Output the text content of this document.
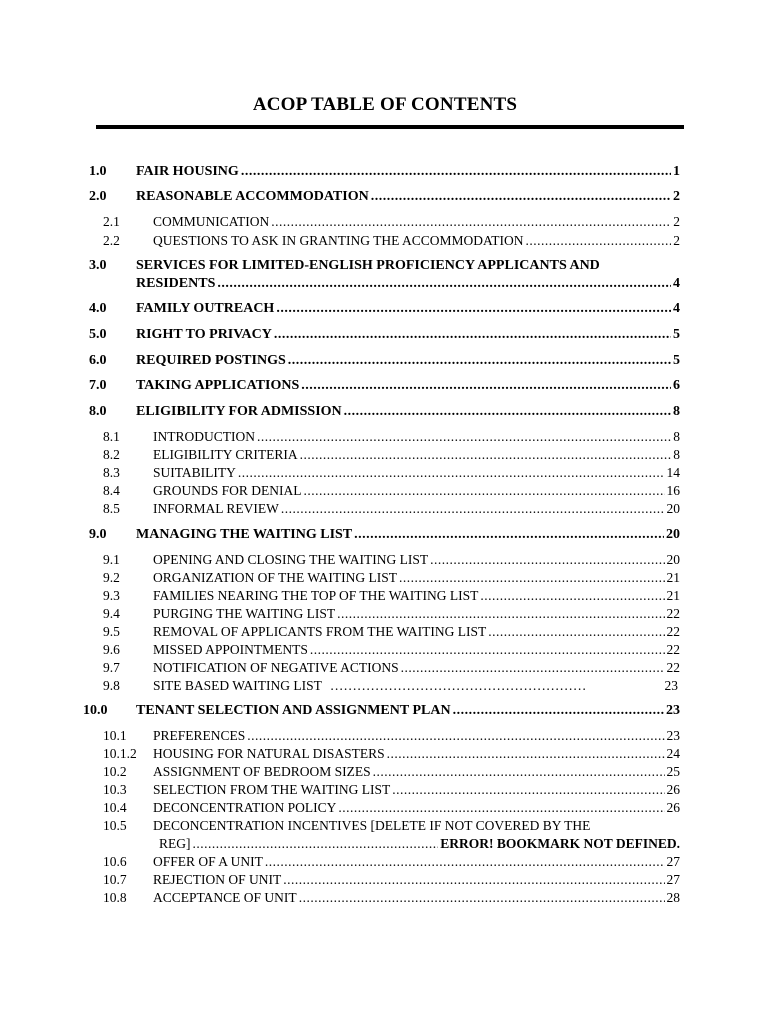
ACOP TABLE OF CONTENTS
1.0	FAIR HOUSING .....	1
2.0	REASONABLE ACCOMMODATION .....	2
2.1	COMMUNICATION .....	2
2.2	QUESTIONS TO ASK IN GRANTING THE ACCOMMODATION .....	2
3.0	SERVICES FOR LIMITED-ENGLISH PROFICIENCY APPLICANTS AND
RESIDENTS .....	4
4.0	FAMILY OUTREACH .....	4
5.0	RIGHT TO PRIVACY .....	5
6.0	REQUIRED POSTINGS .....	5
7.0	TAKING APPLICATIONS .....	6
8.0	ELIGIBILITY FOR ADMISSION .....	8
8.1	INTRODUCTION .....	8
8.2	ELIGIBILITY CRITERIA .....	8
8.3	SUITABILITY .....	14
8.4	GROUNDS FOR DENIAL .....	16
8.5	INFORMAL REVIEW .....	20
9.0	MANAGING THE WAITING LIST .....	20
9.1	OPENING AND CLOSING THE WAITING LIST .....	20
9.2	ORGANIZATION OF THE WAITING LIST .....	21
9.3	FAMILIES NEARING THE TOP OF THE WAITING LIST .....	21
9.4	PURGING THE WAITING LIST .....	22
9.5	REMOVAL OF APPLICANTS FROM THE WAITING LIST .....	22
9.6	MISSED APPOINTMENTS .....	22
9.7	NOTIFICATION OF NEGATIVE ACTIONS .....	22
9.8	SITE BASED WAITING LIST …………………………………………………	23
10.0	TENANT SELECTION AND ASSIGNMENT PLAN .....	23
10.1	PREFERENCES .....	23
10.1.2	HOUSING FOR NATURAL DISASTERS .....	24
10.2	ASSIGNMENT OF BEDROOM SIZES .....	25
10.3	SELECTION FROM THE WAITING LIST .....	26
10.4	DECONCENTRATION POLICY .....	26
10.5	DECONCENTRATION INCENTIVES [DELETE IF NOT COVERED BY THE
REG] .....	ERROR! BOOKMARK NOT DEFINED.
10.6	OFFER OF A UNIT .....	27
10.7	REJECTION OF UNIT .....	27
10.8	ACCEPTANCE OF UNIT .....	28
